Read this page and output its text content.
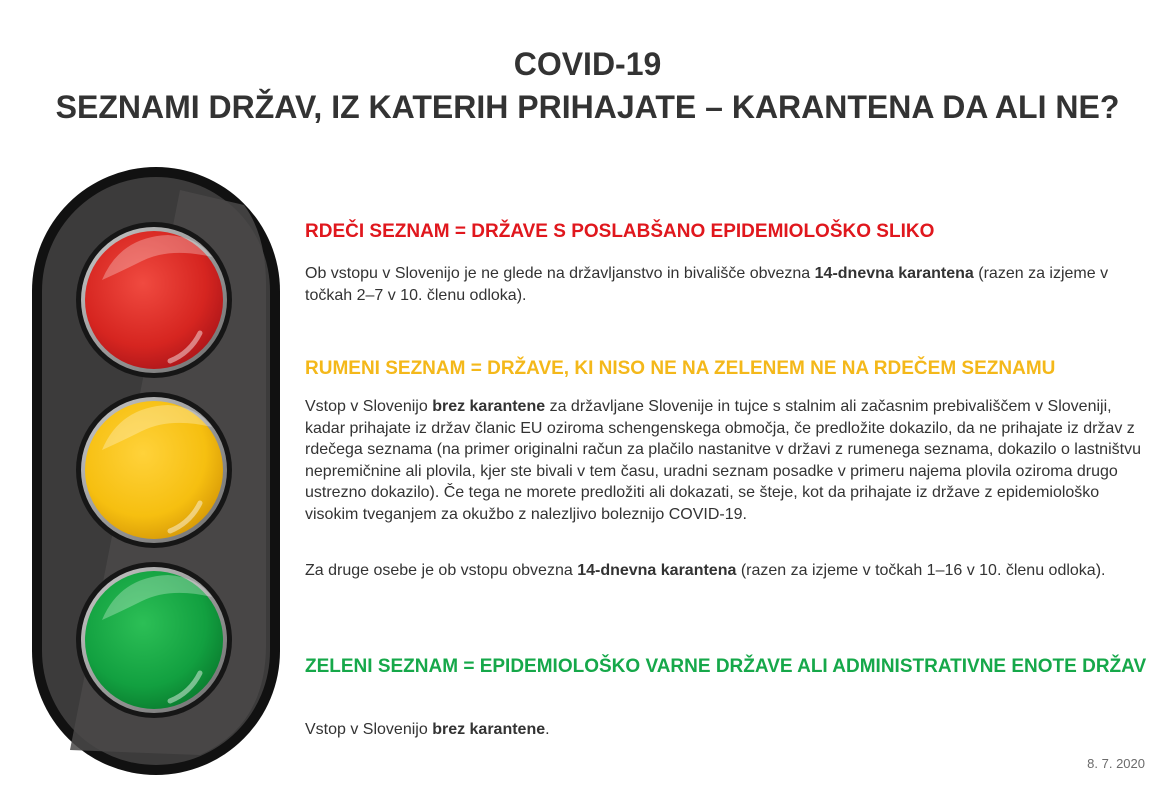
COVID-19
SEZNAMI DRŽAV, IZ KATERIH PRIHAJATE – KARANTENA DA ALI NE?
RDEČI SEZNAM = DRŽAVE S POSLABŠANO EPIDEMIOLOŠKO SLIKO

Ob vstopu v Slovenijo je ne glede na državljanstvo in bivališče obvezna 14-dnevna karantena (razen za izjeme v točkah 2–7 v 10. členu odloka).

RUMENI SEZNAM = DRŽAVE, KI NISO NE NA ZELENEM NE NA RDEČEM SEZNAMU

Vstop v Slovenijo brez karantene za državljane Slovenije in tujce s stalnim ali začasnim prebivališčem v Sloveniji, kadar prihajate iz držav članic EU oziroma schengenskega območja, če predložite dokazilo, da ne prihajate iz držav z rdečega seznama (na primer originalni račun za plačilo nastanitve v državi z rumenega seznama, dokazilo o lastništvu nepremičnine ali plovila, kjer ste bivali v tem času, uradni seznam posadke v primeru najema plovila oziroma drugo ustrezno dokazilo). Če tega ne morete predložiti ali dokazati, se šteje, kot da prihajate iz države z epidemiološko visokim tveganjem za okužbo z nalezljivo boleznijo COVID-19.

Za druge osebe je ob vstopu obvezna 14-dnevna karantena (razen za izjeme v točkah 1–16 v 10. členu odloka).

ZELENI SEZNAM = EPIDEMIOLOŠKO VARNE DRŽAVE ALI ADMINISTRATIVNE ENOTE DRŽAV

Vstop v Slovenijo brez karantene.

8. 7. 2020
